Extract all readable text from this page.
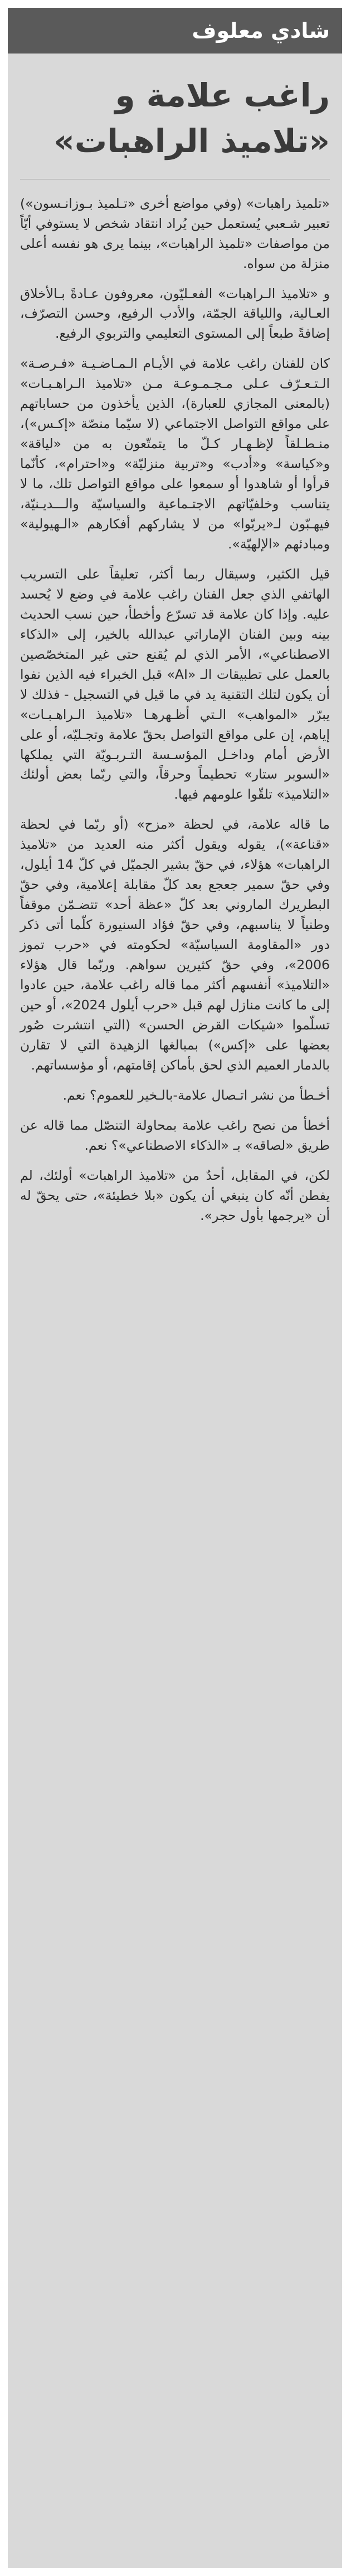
شادي معلوف
راغب علامة و «تلاميذ الراهبات»

«تلميذ راهبات» (وفي مواضع أخرى «تـلميذ بـوزانـسون») تعبير شـعبي يُستعمل حين يُراد انتقاد شخص لا يستوفي أيّاً من مواصفات «تلميذ الراهبات»، بينما يرى هو نفسه أعلى منزلة من سواه.

و «تلاميذ الـراهبات» الفعـليّون، معروفون عـادةً بـالأخلاق العـالية، واللياقة الجمّة، والأدب الرفيع، وحسن التصرّف، إضافةً طبعاً إلى المستوى التعليمي والتربوي الرفيع.

كان للفنان راغب علامة في الأيـام الـمـاضـيـة «فـرصـة» الـتـعـرّف عـلى مـجـمـوعـة مـن «تلاميذ الـراهـبـات» (بالمعنى المجازي للعبارة)، الذين يأخذون من حساباتهم على مواقع التواصل الاجتماعي (لا سيّما منصّة «إكـس»)، منـطـلقاً لإظـهـار كـلّ ما يتمتّعون به من «لياقة» و«كياسة» و«أدب» و«تربية منزليّة» و«احترام»، كأنّما قرأوا أو شاهدوا أو سمعوا على مواقع التواصل تلك، ما لا يتناسب وخلفيّاتهم الاجتـماعية والسياسيّة والـــديـنيّة، فيهـبّون لـ«يربّوا» من لا يشاركهم أفكارهم «الـهيولية» ومبادئهم «الإلهيّة».

قيل الكثير، وسيقال ربما أكثر، تعليقاً على التسريب الهاتفي الذي جعل الفنان راغب علامة في وضع لا يُحسد عليه. وإذا كان علامة قد تسرّع وأخطأ، حين نسب الحديث بينه وبين الفنان الإماراتي عبدالله بالخير، إلى «الذكاء الاصطناعي»، الأمر الذي لم يُقنع حتى غير المتخصّصين بالعمل على تطبيقات الـ «AI» قبل الخبراء فيه الذين نفوا أن يكون لتلك التقنية يد في ما قيل في التسجيل - فذلك لا يبرّر «المواهب» الـتي أظـهرهـا «تلاميذ الـراهـبـات» إياهم، إن على مواقع التواصل بحقّ علامة وتجـليّه، أو على الأرض أمام وداخـل المؤسـسة التـربـويّة التي يملكها «السوبر ستار» تحطيماً وحرقاً، والتي ربّما بعض أولئك «التلاميذ» تلقّوا علومهم فيها.

ما قاله علامة، في لحظة «مزح» (أو ربّما في لحظة «قناعة»)، يقوله ويقول أكثر منه العديد من «تلاميذ الراهبات» هؤلاء، في حقّ بشير الجميّل في كلّ 14 أيلول، وفي حقّ سمير جعجع بعد كلّ مقابلة إعلامية، وفي حقّ البطريرك الماروني بعد كلّ «عظة أحد» تتضـمّن موقفاً وطنياً لا يناسبهم، وفي حقّ فؤاد السنيورة كلّما أتى ذكر دور «المقاومة السياسيّة» لحكومته في «حرب تموز 2006»، وفي حقّ كثيرين سواهم. وربّما قال هؤلاء «التلاميذ» أنفسهم أكثر مما قاله راغب علامة، حين عادوا إلى ما كانت منازل لهم قبل «حرب أيلول 2024»، أو حين تسلّموا «شيكات القرض الحسن» (التي انتشرت صُور بعضها على «إكس») بمبالغها الزهيدة التي لا تقارن بالدمار العميم الذي لحق بأماكن إقامتهم، أو مؤسساتهم.

أخـطأ من نشر اتـصال علامة-بالـخير للعموم؟ نعم.

أخطأ من نصح راغب علامة بمحاولة التنصّل مما قاله عن طريق «لصاقه» بـ «الذكاء الاصطناعي»؟ نعم.

لكن، في المقابل، أحدٌ من «تلاميذ الراهبات» أولئك، لم يفطن أنّه كان ينبغي أن يكون «بلا خطيئة»، حتى يحقّ له أن «يرجمها بأول حجر».
